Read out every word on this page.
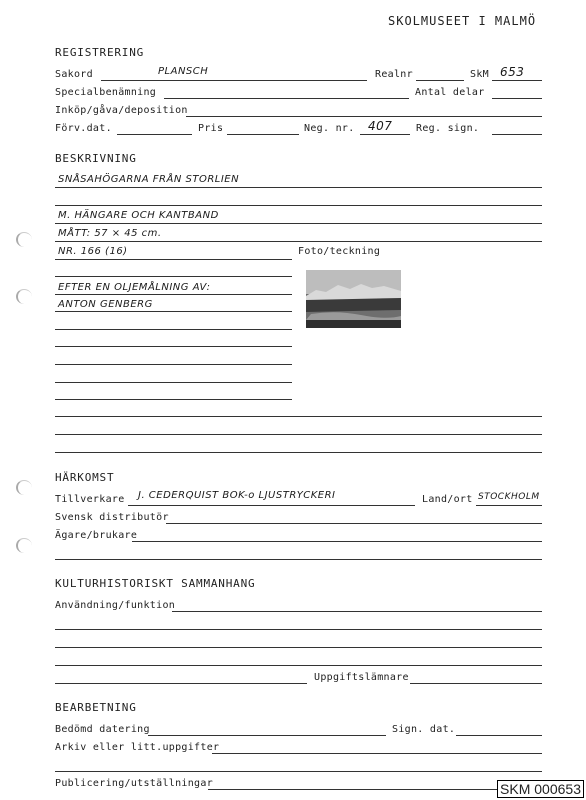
SKOLMUSEET I MALMÖ
REGISTRERING
Sakord	PLANSCH	Realnr	SkM 653
Specialbenämning	Antal delar
Inköp/gåva/deposition
Förv.dat.	Pris	Neg. nr. 407 Reg. sign.
BESKRIVNING
SNÅSAHÖGARNA FRÅN STORLIEN
M. HÄNGARE OCH KANTBAND
MÅTT: 57 × 45 cm.
NR. 166 (16)	Foto/teckning
EFTER EN OLJEMÅLNING AV:
ANTON GENBERG
HÄRKOMST
Tillverkare J. CEDERQUIST BOK-o LJUSTRYCKERI	Land/ort STOCKHOLM
Svensk distributör
Ägare/brukare
KULTURHISTORISKT SAMMANHANG
Användning/funktion
Uppgiftslämnare
BEARBETNING
Bedömd datering	Sign. dat.
Arkiv eller litt.uppgifter
Publicering/utställningar	SKM 000653
